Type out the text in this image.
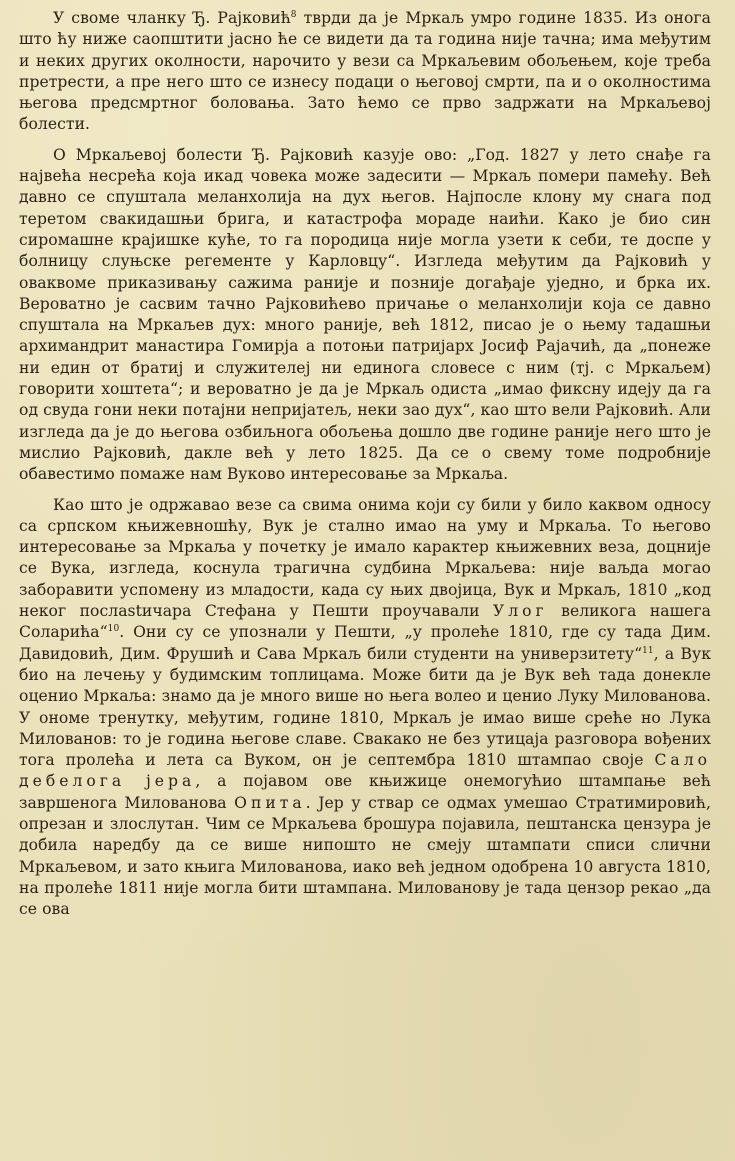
У своме чланку Ђ. Рајковић$^8$ тврди да је Мркаљ умро године 1835. Из онога што ћу ниже саопштити јасно ће се видети да та година није тачна; има међутим и неких других околности, нарочито у вези са Мркаљевим обољењем, које треба претрести, а пре него што се изнесу подаци о његовој смрти, па и о околностима његова предсмртног боловања. Зато ћемо се прво задржати на Мркаљевој болести.

О Мркаљевој болести Ђ. Рајковић казује ово: „Год. 1827 у лето снађе га највећа несрећа која икад човека може задесити — Мркаљ помери памећу. Већ давно се спуштала меланхолија на дух његов. Најпосле клону му снага под теретом свакидашњи брига, и катастрофа мораде наићи. Како је био син сиромашне крајишке куће, то га породица није могла узети к себи, те доспе у болницу слуњске регементе у Карловцу“. Изгледа међутим да Рајковић у оваквоме приказивању сажима раније и позније догађаје уједно, и брка их. Вероватно је сасвим тачно Рајковићево причање о меланхолији која се давно спуштала на Мркаљев дух: много раније, већ 1812, писао је о њему тадашњи архимандрит манастира Гомирја а потоњи патријарх Јосиф Рајачић, да „понеже ни един от братиј и служителеј ни единога словесе с ним (тј. с Мркаљем) говорити хоштета“; и вероватно је да је Мркаљ одиста „имао фиксну идеју да га од свуда гони неки потајни непријатељ, неки зао дух“, као што вели Рајковић. Али изгледа да је до његова озбиљнога обољења дошло две године раније него што је мислио Рајковић, дакле већ у лето 1825. Да се о свему томе подробније обавестимо помаже нам Вуково интересовање за Мркаља.

Као што је одржавао везе са свима онима који су били у било каквом односу са српском књижевношћу, Вук је стално имао на уму и Мркаља. То његово интересовање за Мркаља у почетку је имало карактер књижевних веза, доцније се Вука, изгледа, коснула трагична судбина Мркаљева: није ваљда могао заборавити успомену из младости, када су њих двојица, Вук и Мркаљ, 1810 „код неког послastичара Стефана у Пешти проучавали Улог великога нашега Соларића“$^{10}$. Они су се упознали у Пешти, „у пролеће 1810, где су тада Дим. Давидовић, Дим. Фрушић и Сава Мркаљ били студенти на универзитету“$^{11}$, а Вук био на лечењу у будимским топлицама. Може бити да је Вук већ тада донекле оценио Мркаља: знамо да је много више но њега волео и ценио Луку Милованова. У ономе тренутку, међутим, године 1810, Мркаљ је имао више среће но Лука Милованов: то је година његове славе. Свакако не без утицаја разговора вођених тога пролећа и лета са Вуком, он је септембра 1810 штампао своје Сало дебелога јера, а појавом ове књижице онемогућио штампање већ завршенога Милованова Опита. Јер у ствар се одмах умешао Стратимировић, опрезан и злослутан. Чим се Мркаљева брошура појавила, пештанска цензура је добила наредбу да се више нипошто не смеју штампати списи слични Мркаљевом, и зато књига Милованова, иако већ једном одобрена 10 августа 1810, на пролеће 1811 није могла бити штампана. Милованову је тада цензор рекао „да се ова
